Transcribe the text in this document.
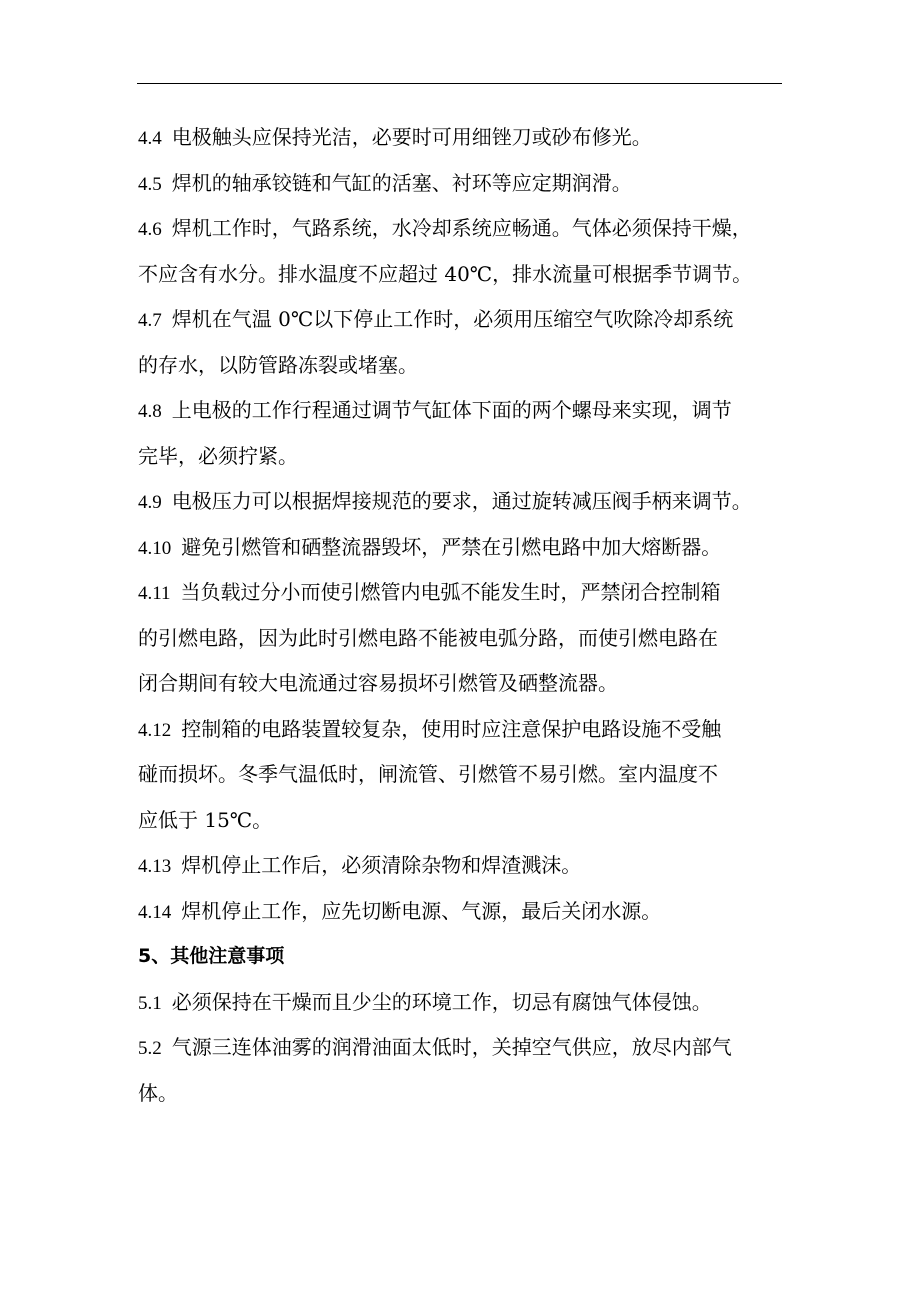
4.4 电极触头应保持光洁，必要时可用细锉刀或砂布修光。
4.5 焊机的轴承铰链和气缸的活塞、衬环等应定期润滑。
4.6 焊机工作时，气路系统，水冷却系统应畅通。气体必须保持干燥，
不应含有水分。排水温度不应超过 40℃，排水流量可根据季节调节。
4.7 焊机在气温 0℃以下停止工作时，必须用压缩空气吹除冷却系统
的存水，以防管路冻裂或堵塞。
4.8 上电极的工作行程通过调节气缸体下面的两个螺母来实现，调节
完毕，必须拧紧。
4.9 电极压力可以根据焊接规范的要求，通过旋转减压阀手柄来调节。
4.10 避免引燃管和硒整流器毁坏，严禁在引燃电路中加大熔断器。
4.11 当负载过分小而使引燃管内电弧不能发生时，严禁闭合控制箱
的引燃电路，因为此时引燃电路不能被电弧分路，而使引燃电路在
闭合期间有较大电流通过容易损坏引燃管及硒整流器。
4.12 控制箱的电路装置较复杂，使用时应注意保护电路设施不受触
碰而损坏。冬季气温低时，闸流管、引燃管不易引燃。室内温度不
应低于 15℃。
4.13 焊机停止工作后，必须清除杂物和焊渣溅沫。
4.14 焊机停止工作，应先切断电源、气源，最后关闭水源。
5、其他注意事项
5.1 必须保持在干燥而且少尘的环境工作，切忌有腐蚀气体侵蚀。
5.2 气源三连体油雾的润滑油面太低时，关掉空气供应，放尽内部气
体。
